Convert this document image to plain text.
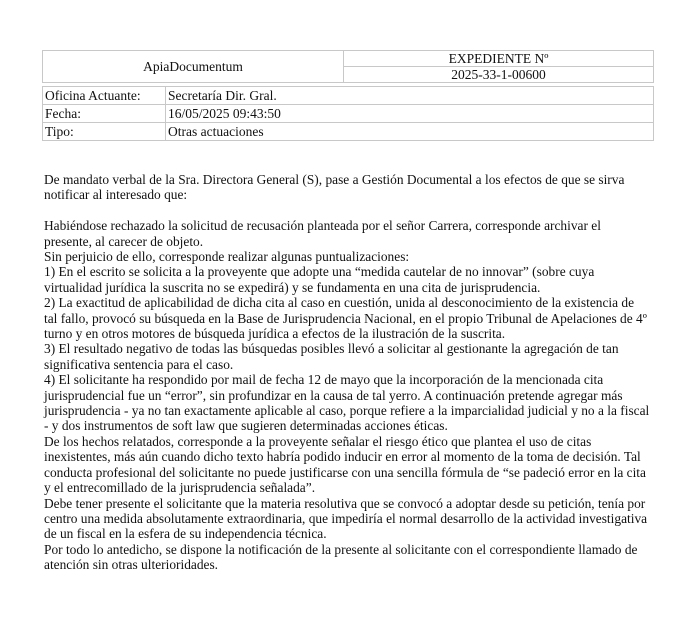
ApiaDocumentum	EXPEDIENTE Nº
2025-33-1-00600
Oficina Actuante:	Secretaría Dir. Gral.
Fecha:	16/05/2025 09:43:50
Tipo:	Otras actuaciones

De mandato verbal de la Sra. Directora General (S), pase a Gestión Documental a los efectos de que se sirva notificar al interesado que:

Habiéndose rechazado la solicitud de recusación planteada por el señor Carrera, corresponde archivar el presente, al carecer de objeto.

Sin perjuicio de ello, corresponde realizar algunas puntualizaciones:

1) En el escrito se solicita a la proveyente que adopte una “medida cautelar de no innovar” (sobre cuya virtualidad jurídica la suscrita no se expedirá) y se fundamenta en una cita de jurisprudencia.

2) La exactitud de aplicabilidad de dicha cita al caso en cuestión, unida al desconocimiento de la existencia de tal fallo, provocó su búsqueda en la Base de Jurisprudencia Nacional, en el propio Tribunal de Apelaciones de 4º turno y en otros motores de búsqueda jurídica a efectos de la ilustración de la suscrita.

3) El resultado negativo de todas las búsquedas posibles llevó a solicitar al gestionante la agregación de tan significativa sentencia para el caso.

4) El solicitante ha respondido por mail de fecha 12 de mayo que la incorporación de la mencionada cita jurisprudencial fue un “error”, sin profundizar en la causa de tal yerro. A continuación pretende agregar más jurisprudencia - ya no tan exactamente aplicable al caso, porque refiere a la imparcialidad judicial y no a la fiscal - y dos instrumentos de soft law que sugieren determinadas acciones éticas.

De los hechos relatados, corresponde a la proveyente señalar el riesgo ético que plantea el uso de citas inexistentes, más aún cuando dicho texto habría podido inducir en error al momento de la toma de decisión. Tal conducta profesional del solicitante no puede justificarse con una sencilla fórmula de “se padeció error en la cita y el entrecomillado de la jurisprudencia señalada”.

Debe tener presente el solicitante que la materia resolutiva que se convocó a adoptar desde su petición, tenía por centro una medida absolutamente extraordinaria, que impediría el normal desarrollo de la actividad investigativa de un fiscal en la esfera de su independencia técnica.

Por todo lo antedicho, se dispone la notificación de la presente al solicitante con el correspondiente llamado de atención sin otras ulterioridades.
